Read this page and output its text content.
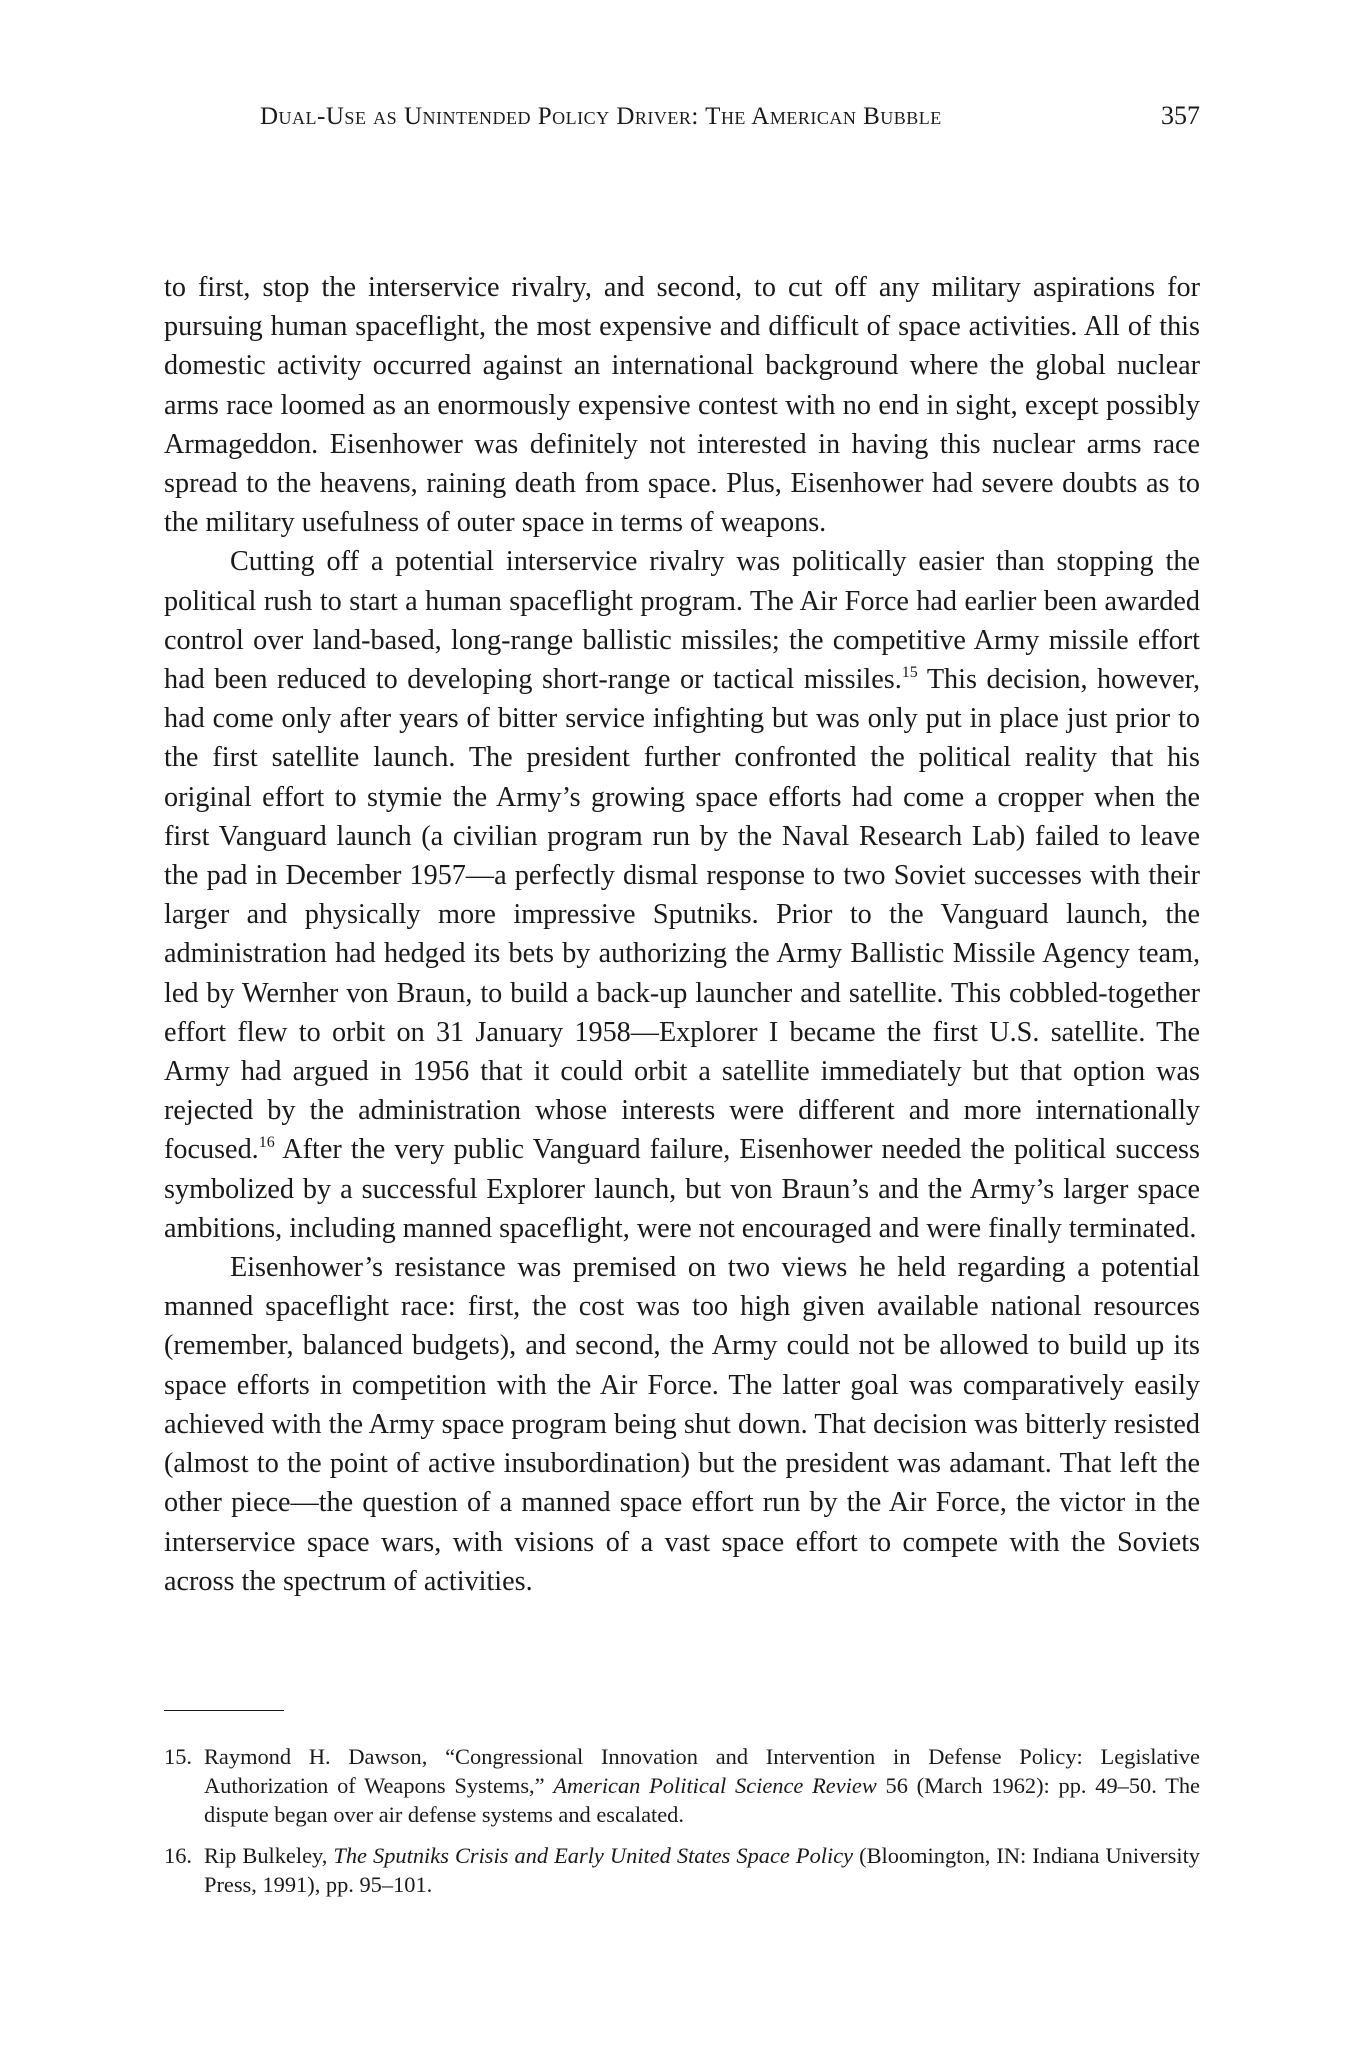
Dual-Use as Unintended Policy Driver: The American Bubble	357

to first, stop the interservice rivalry, and second, to cut off any military aspirations for pursuing human spaceflight, the most expensive and difficult of space activities. All of this domestic activity occurred against an international background where the global nuclear arms race loomed as an enormously expensive contest with no end in sight, except possibly Armageddon. Eisenhower was definitely not interested in having this nuclear arms race spread to the heavens, raining death from space. Plus, Eisenhower had severe doubts as to the military usefulness of outer space in terms of weapons.

Cutting off a potential interservice rivalry was politically easier than stopping the political rush to start a human spaceflight program. The Air Force had earlier been awarded control over land-based, long-range ballistic missiles; the competitive Army missile effort had been reduced to developing short-range or tactical missiles.$^{15}$ This decision, however, had come only after years of bitter service infighting but was only put in place just prior to the first satellite launch. The president further confronted the political reality that his original effort to stymie the Army’s growing space efforts had come a cropper when the first Vanguard launch (a civilian program run by the Naval Research Lab) failed to leave the pad in December 1957—a perfectly dismal response to two Soviet successes with their larger and physically more impressive Sputniks. Prior to the Vanguard launch, the administration had hedged its bets by authorizing the Army Ballistic Missile Agency team, led by Wernher von Braun, to build a back-up launcher and satellite. This cobbled-together effort flew to orbit on 31 January 1958—Explorer I became the first U.S. satellite. The Army had argued in 1956 that it could orbit a satellite immediately but that option was rejected by the administration whose interests were different and more internationally focused.$^{16}$ After the very public Vanguard failure, Eisenhower needed the political success symbolized by a successful Explorer launch, but von Braun’s and the Army’s larger space ambitions, including manned spaceflight, were not encouraged and were finally terminated.

Eisenhower’s resistance was premised on two views he held regarding a potential manned spaceflight race: first, the cost was too high given available national resources (remember, balanced budgets), and second, the Army could not be allowed to build up its space efforts in competition with the Air Force. The latter goal was comparatively easily achieved with the Army space program being shut down. That decision was bitterly resisted (almost to the point of active insubordination) but the president was adamant. That left the other piece—the question of a manned space effort run by the Air Force, the victor in the interservice space wars, with visions of a vast space effort to compete with the Soviets across the spectrum of activities.

15. Raymond H. Dawson, “Congressional Innovation and Intervention in Defense Policy: Legislative Authorization of Weapons Systems,” American Political Science Review 56 (March 1962): pp. 49–50. The dispute began over air defense systems and escalated.
16. Rip Bulkeley, The Sputniks Crisis and Early United States Space Policy (Bloomington, IN: Indiana University Press, 1991), pp. 95–101.
